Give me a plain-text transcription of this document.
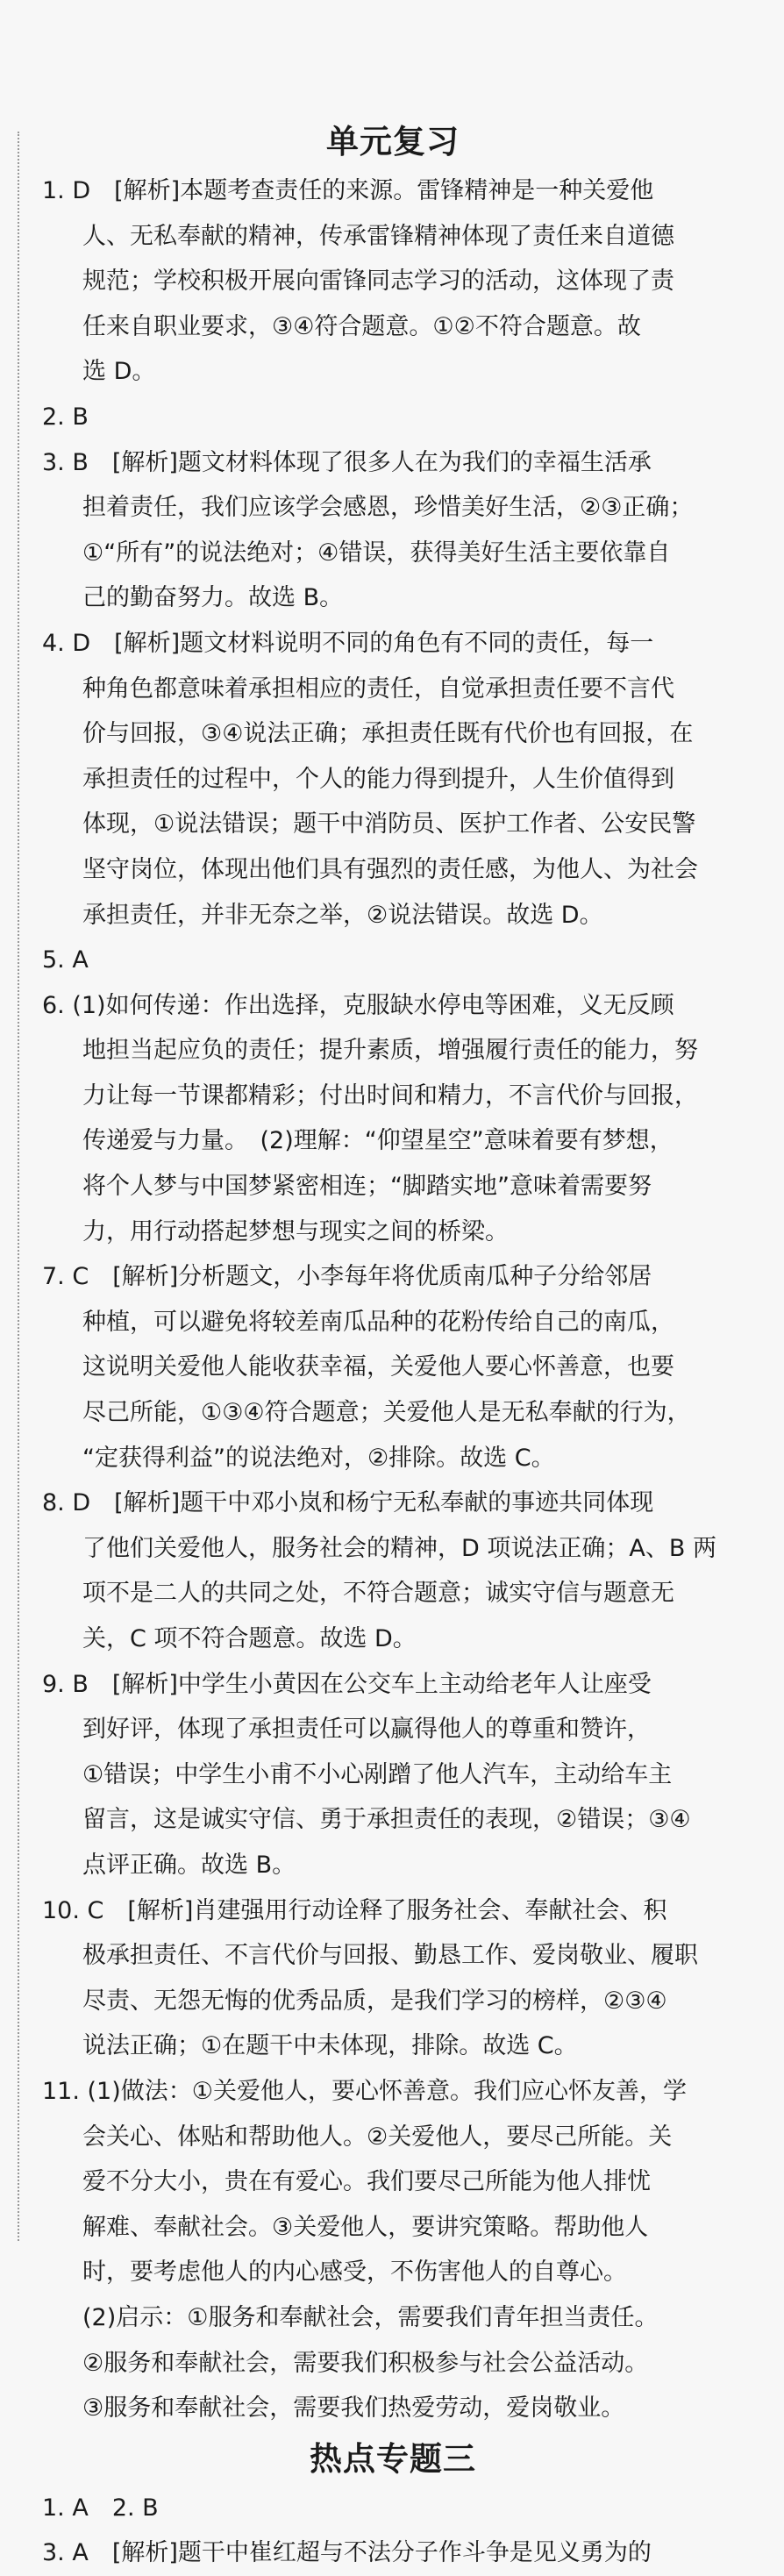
单元复习
1. D　[解析]本题考查责任的来源。雷锋精神是一种关爱他
人、无私奉献的精神，传承雷锋精神体现了责任来自道德
规范；学校积极开展向雷锋同志学习的活动，这体现了责
任来自职业要求，③④符合题意。①②不符合题意。故
选 D。
2. B
3. B　[解析]题文材料体现了很多人在为我们的幸福生活承
担着责任，我们应该学会感恩，珍惜美好生活，②③正确；
①“所有”的说法绝对；④错误，获得美好生活主要依靠自
己的勤奋努力。故选 B。
4. D　[解析]题文材料说明不同的角色有不同的责任，每一
种角色都意味着承担相应的责任，自觉承担责任要不言代
价与回报，③④说法正确；承担责任既有代价也有回报，在
承担责任的过程中，个人的能力得到提升，人生价值得到
体现，①说法错误；题干中消防员、医护工作者、公安民警
坚守岗位，体现出他们具有强烈的责任感，为他人、为社会
承担责任，并非无奈之举，②说法错误。故选 D。
5. A
6. (1)如何传递：作出选择，克服缺水停电等困难，义无反顾
地担当起应负的责任；提升素质，增强履行责任的能力，努
力让每一节课都精彩；付出时间和精力，不言代价与回报，
传递爱与力量。　(2)理解：“仰望星空”意味着要有梦想，
将个人梦与中国梦紧密相连；“脚踏实地”意味着需要努
力，用行动搭起梦想与现实之间的桥梁。
7. C　[解析]分析题文，小李每年将优质南瓜种子分给邻居
种植，可以避免将较差南瓜品种的花粉传给自己的南瓜，
这说明关爱他人能收获幸福，关爱他人要心怀善意，也要
尽己所能，①③④符合题意；关爱他人是无私奉献的行为，
“定获得利益”的说法绝对，②排除。故选 C。
8. D　[解析]题干中邓小岚和杨宁无私奉献的事迹共同体现
了他们关爱他人，服务社会的精神，D 项说法正确；A、B 两
项不是二人的共同之处，不符合题意；诚实守信与题意无
关，C 项不符合题意。故选 D。
9. B　[解析]中学生小黄因在公交车上主动给老年人让座受
到好评，体现了承担责任可以赢得他人的尊重和赞许，
①错误；中学生小甫不小心剐蹭了他人汽车，主动给车主
留言，这是诚实守信、勇于承担责任的表现，②错误；③④
点评正确。故选 B。
10. C　[解析]肖建强用行动诠释了服务社会、奉献社会、积
极承担责任、不言代价与回报、勤恳工作、爱岗敬业、履职
尽责、无怨无悔的优秀品质，是我们学习的榜样，②③④
说法正确；①在题干中未体现，排除。故选 C。
11. (1)做法：①关爱他人，要心怀善意。我们应心怀友善，学
会关心、体贴和帮助他人。②关爱他人，要尽己所能。关
爱不分大小，贵在有爱心。我们要尽己所能为他人排忧
解难、奉献社会。③关爱他人，要讲究策略。帮助他人
时，要考虑他人的内心感受，不伤害他人的自尊心。
(2)启示：①服务和奉献社会，需要我们青年担当责任。
②服务和奉献社会，需要我们积极参与社会公益活动。
③服务和奉献社会，需要我们热爱劳动，爱岗敬业。
热点专题三
1. A　2. B
3. A　[解析]题干中崔红超与不法分子作斗争是见义勇为的
